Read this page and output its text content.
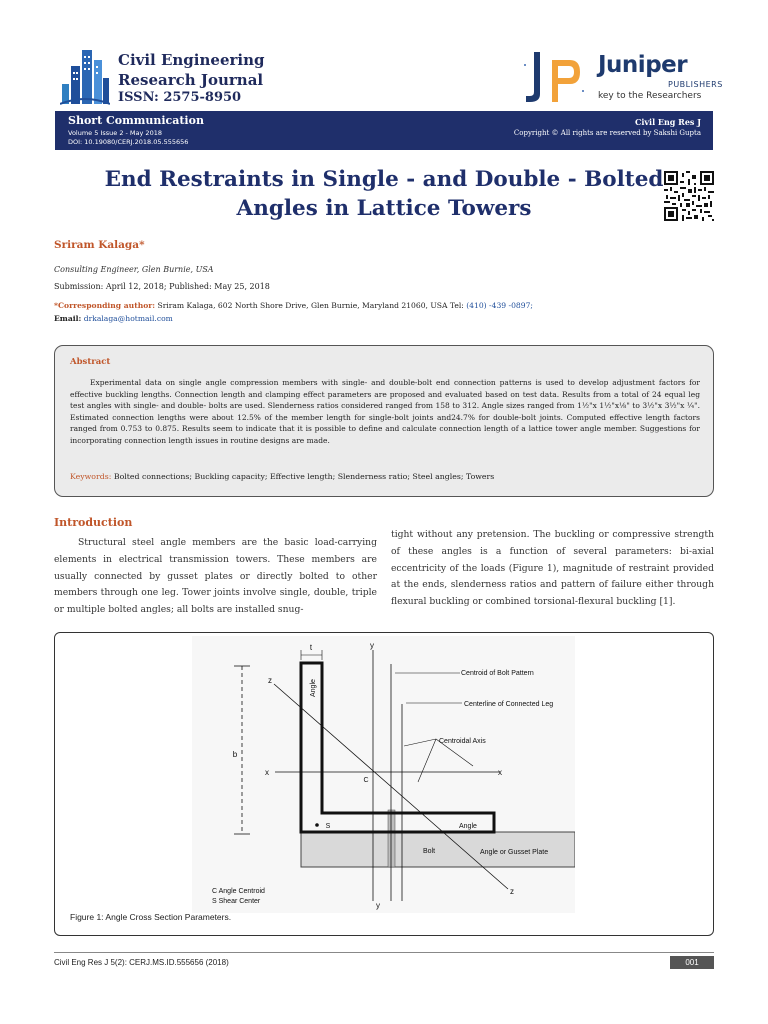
Civil Engineering
Research Journal
ISSN: 2575-8950
Juniper
PUBLISHERS
key to the Researchers
Short Communication
Volume 5 Issue 2 - May 2018
DOI: 10.19080/CERJ.2018.05.555656
Civil Eng Res J
Copyright © All rights are reserved by Sakshi Gupta
End Restraints in Single - and Double - Bolted
Angles in Lattice Towers
Sriram Kalaga*
Consulting Engineer, Glen Burnie, USA
Submission: April 12, 2018; Published: May 25, 2018
*Corresponding author: Sriram Kalaga, 602 North Shore Drive, Glen Burnie, Maryland 21060, USA Tel: (410) -439 -0897;
Email: drkalaga@hotmail.com
Abstract
Experimental data on single angle compression members with single- and double-bolt end connection patterns is used to develop adjustment factors for effective buckling lengths. Connection length and clamping effect parameters are proposed and evaluated based on test data. Results from a total of 24 equal leg test angles with single- and double- bolts are used. Slenderness ratios considered ranged from 158 to 312. Angle sizes ranged from 1½"x 1½"x⅛" to 3½"x 3½"x ¼". Estimated connection lengths were about 12.5% of the member length for single-bolt joints and24.7% for double-bolt joints. Computed effective length factors ranged from 0.753 to 0.875. Results seem to indicate that it is possible to define and calculate connection length of a lattice tower angle member. Suggestions for incorporating connection length issues in routine designs are made.
Keywords: Bolted connections; Buckling capacity; Effective length; Slenderness ratio; Steel angles; Towers
Introduction
Structural steel angle members are the basic load-carrying elements in electrical transmission towers. These members are usually connected by gusset plates or directly bolted to other members through one leg. Tower joints involve single, double, triple or multiple bolted angles; all bolts are installed snug-
tight without any pretension. The buckling or compressive strength of these angles is a function of several parameters: bi-axial eccentricity of the loads (Figure 1), magnitude of restraint provided at the ends, slenderness ratios and pattern of failure either through flexural buckling or combined torsional-flexural buckling [1].
t	y
y
z
z
x	x
b
C
S
Angle
Angle
Bolt	Angle or Gusset Plate
Centroid of Bolt Pattern
Centerline of Connected Leg
Centroidal Axis
C Angle Centroid
S Shear Center
Figure 1: Angle Cross Section Parameters.
Civil Eng Res J 5(2): CERJ.MS.ID.555656 (2018)	001
